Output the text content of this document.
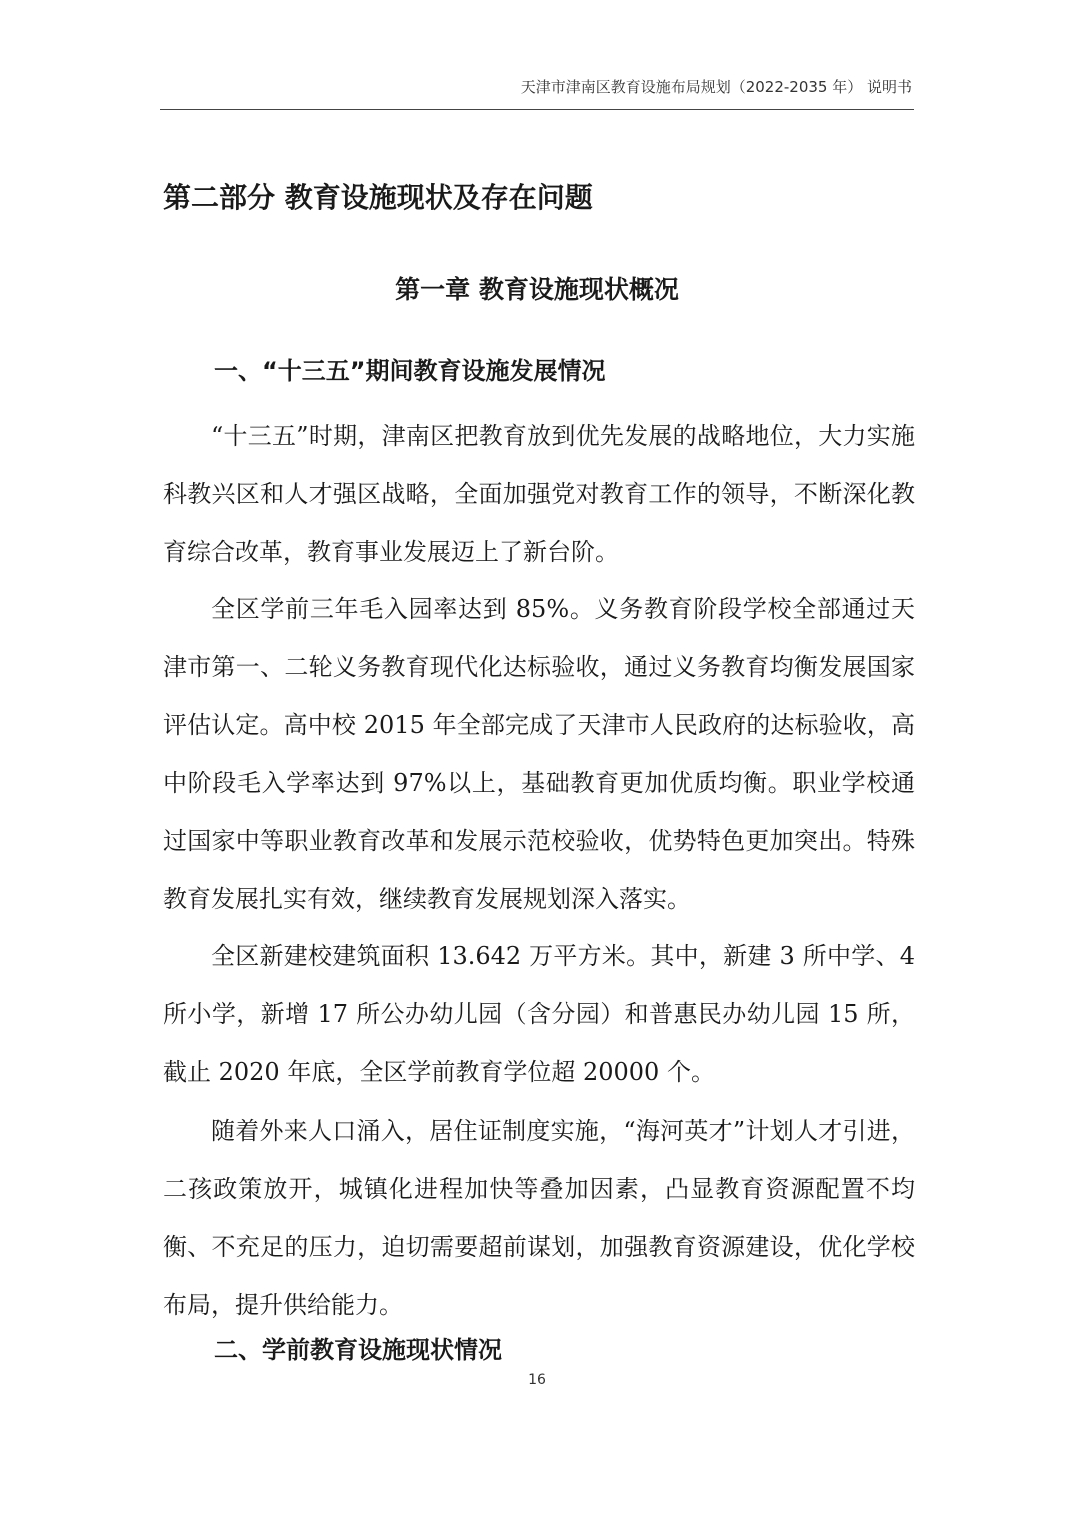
天津市津南区教育设施布局规划（2022-2035 年） 说明书
第二部分 教育设施现状及存在问题
第一章 教育设施现状概况
一、“十三五”期间教育设施发展情况

“十三五”时期，津南区把教育放到优先发展的战略地位，大力实施科教兴区和人才强区战略，全面加强党对教育工作的领导，不断深化教育综合改革，教育事业发展迈上了新台阶。

全区学前三年毛入园率达到 85%。义务教育阶段学校全部通过天津市第一、二轮义务教育现代化达标验收，通过义务教育均衡发展国家评估认定。高中校 2015 年全部完成了天津市人民政府的达标验收，高中阶段毛入学率达到 97%以上，基础教育更加优质均衡。职业学校通过国家中等职业教育改革和发展示范校验收，优势特色更加突出。特殊教育发展扎实有效，继续教育发展规划深入落实。

全区新建校建筑面积 13.642 万平方米。其中，新建 3 所中学、4 所小学，新增 17 所公办幼儿园（含分园）和普惠民办幼儿园 15 所，截止 2020 年底，全区学前教育学位超 20000 个。

随着外来人口涌入，居住证制度实施，“海河英才”计划人才引进，二孩政策放开，城镇化进程加快等叠加因素，凸显教育资源配置不均衡、不充足的压力，迫切需要超前谋划，加强教育资源建设，优化学校布局，提升供给能力。

二、学前教育设施现状情况
16
